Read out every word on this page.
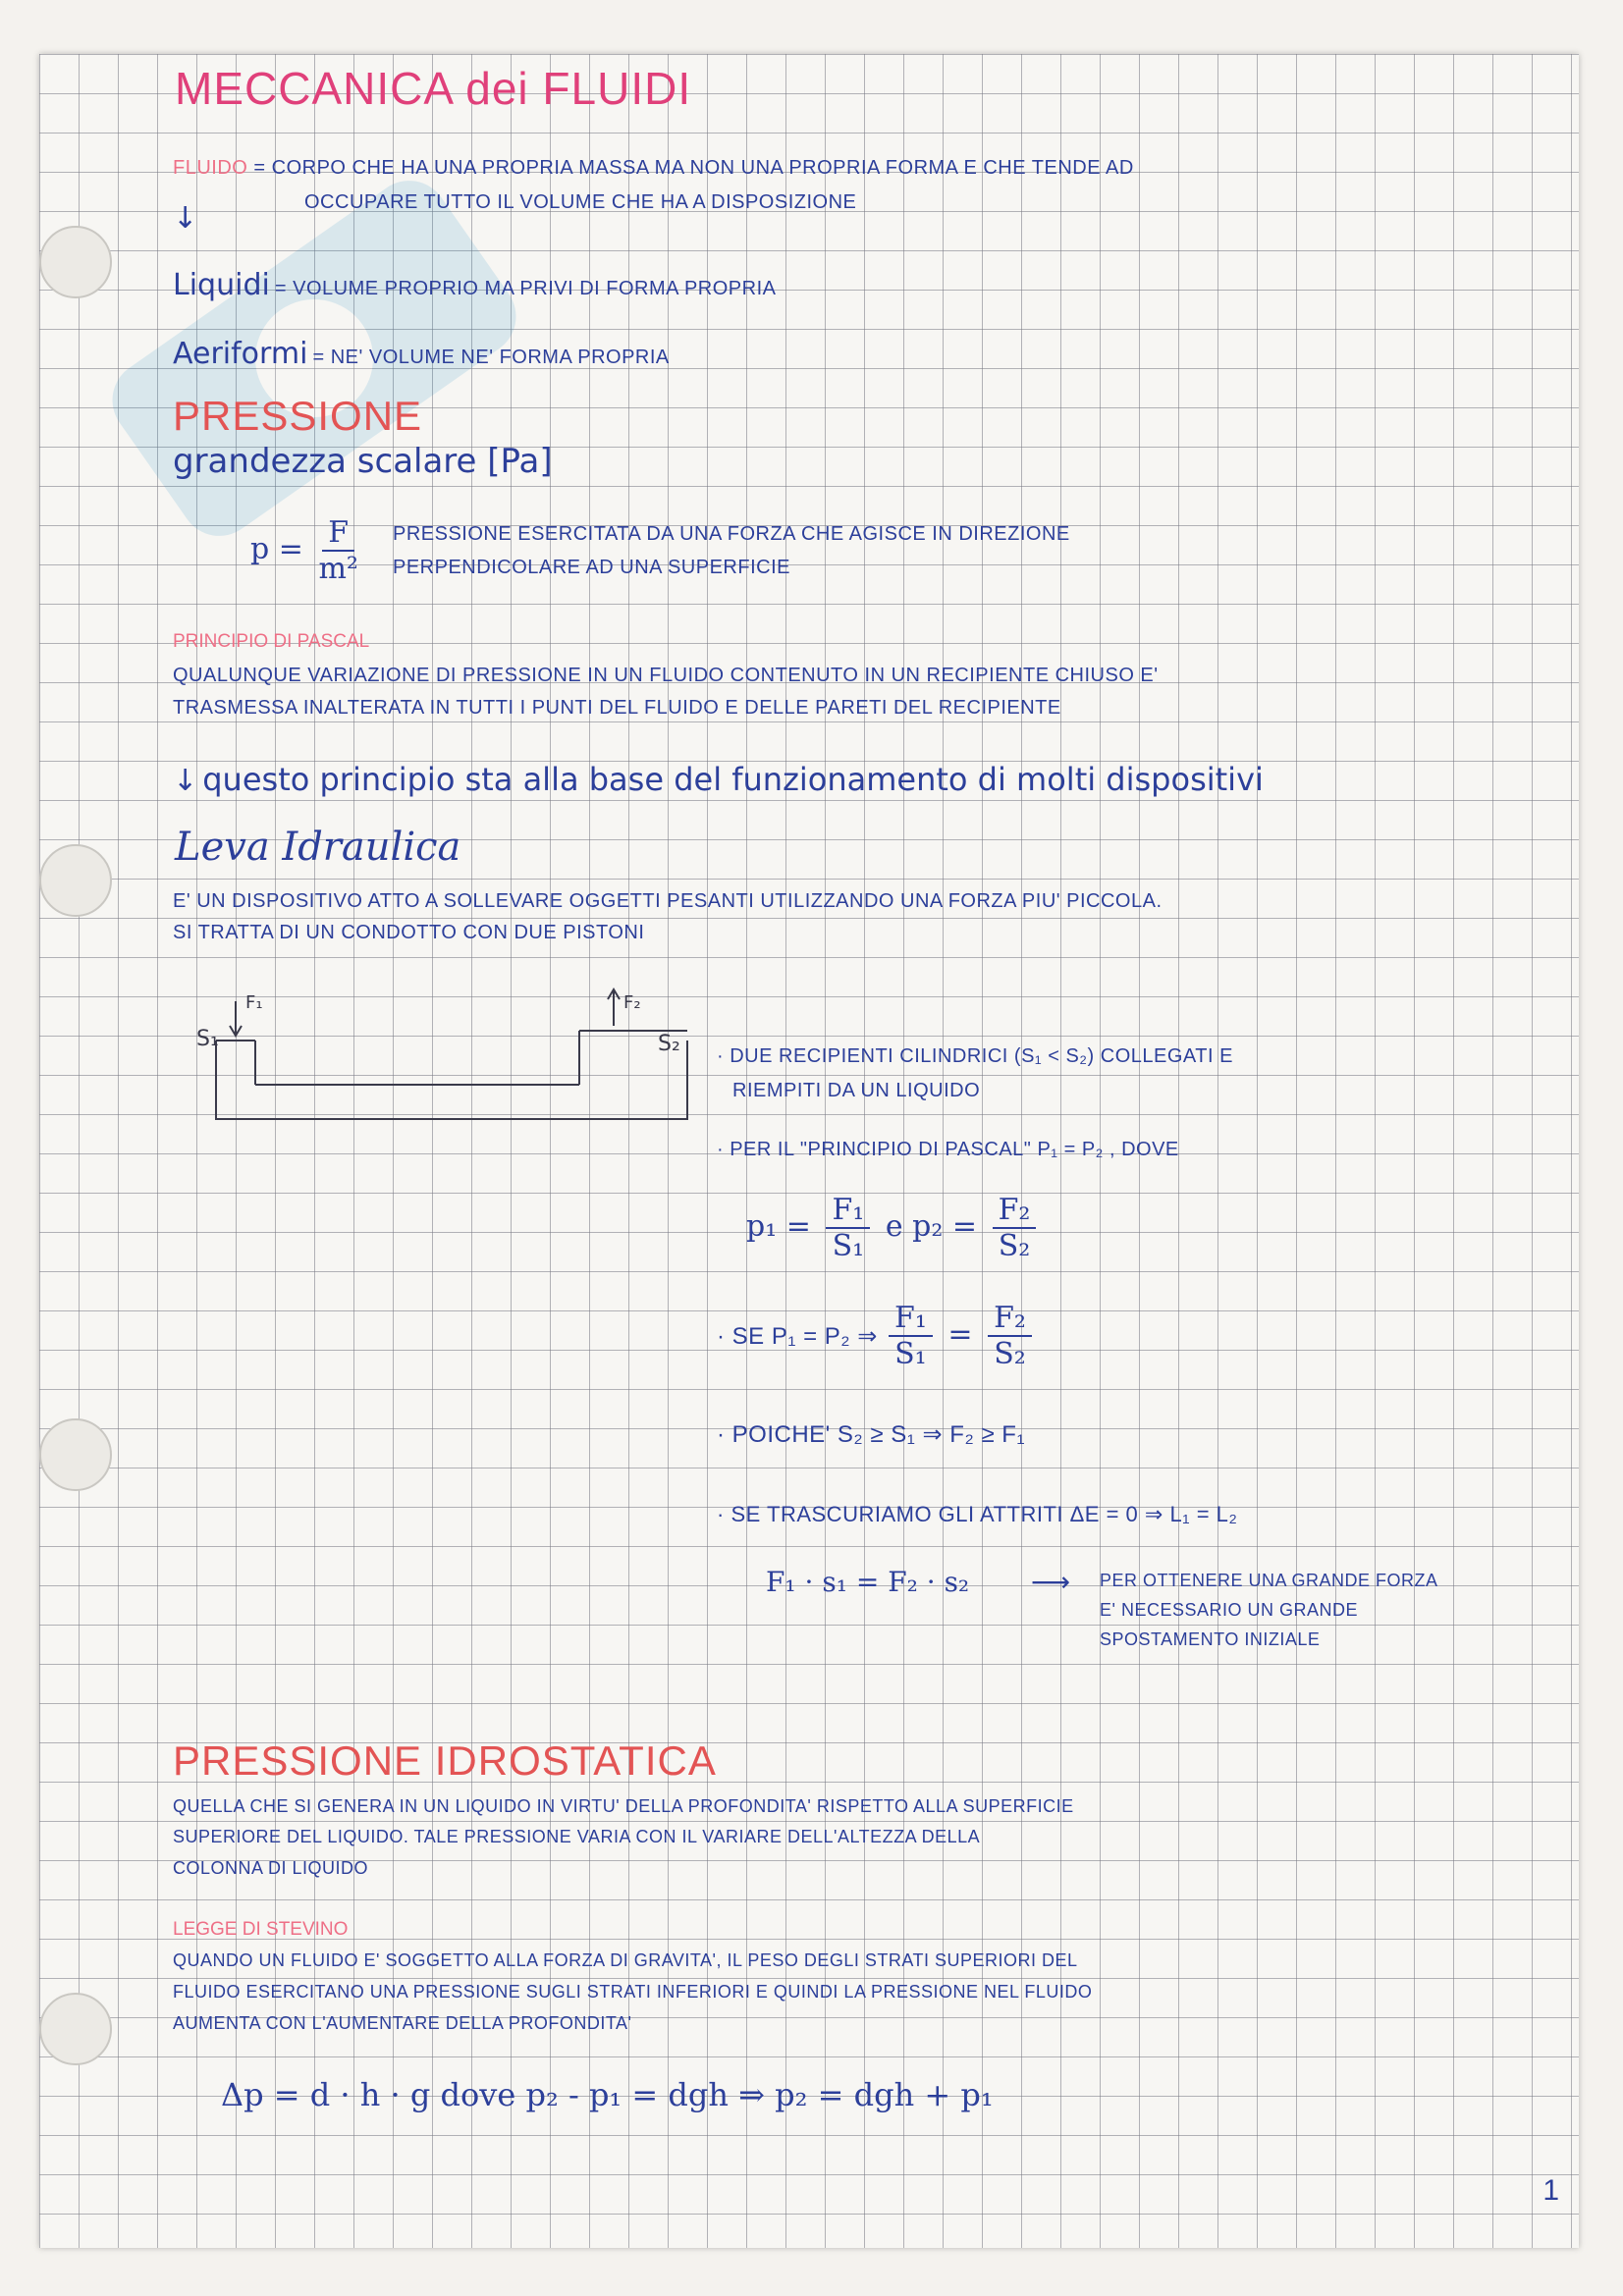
MECCANICA dei FLUIDI
FLUIDO = CORPO CHE HA UNA PROPRIA MASSA MA NON UNA PROPRIA FORMA E CHE TENDE AD
OCCUPARE TUTTO IL VOLUME CHE HA A DISPOSIZIONE
↓
Liquidi = VOLUME PROPRIO MA PRIVI DI FORMA PROPRIA
Aeriformi = NE' VOLUME NE' FORMA PROPRIA
PRESSIONE
grandezza scalare [Pa]
$p = \frac{F}{\text{m²}}$ PRESSIONE ESERCITATA DA UNA FORZA CHE AGISCE IN DIREZIONE
PERPENDICOLARE AD UNA SUPERFICIE
PRINCIPIO DI PASCAL
QUALUNQUE VARIAZIONE DI PRESSIONE IN UN FLUIDO CONTENUTO IN UN RECIPIENTE CHIUSO E'
TRASMESSA INALTERATA IN TUTTI I PUNTI DEL FLUIDO E DELLE PARETI DEL RECIPIENTE
↓ questo principio sta alla base del funzionamento di molti dispositivi
Leva Idraulica
E' UN DISPOSITIVO ATTO A SOLLEVARE OGGETTI PESANTI UTILIZZANDO UNA FORZA PIU' PICCOLA.
SI TRATTA DI UN CONDOTTO CON DUE PISTONI
F₁
S₁
F₂
S₂ · DUE RECIPIENTI CILINDRICI (S₁ < S₂) COLLEGATI E
RIEMPITI DA UN LIQUIDO
· PER IL "PRINCIPIO DI PASCAL" P₁ = P₂ , DOVE
$p_1 = \frac{\text{F₁}}{\text{S₁}}$ e $p_2 = \frac{\text{F₂}}{\text{S₂}}$
· SE P₁ = P₂ ⇒ $\frac{\text{F₁}}{\text{S₁}} = \frac{\text{F₂}}{\text{S₂}}$
· POICHE' S₂ ≥ S₁ ⇒ F₂ ≥ F₁
· SE TRASCURIAMO GLI ATTRITI ΔE = 0 ⇒ L₁ = L₂
F₁ · s₁ = F₂ · s₂ ⟶ PER OTTENERE UNA GRANDE FORZA
E' NECESSARIO UN GRANDE
SPOSTAMENTO INIZIALE
PRESSIONE IDROSTATICA
QUELLA CHE SI GENERA IN UN LIQUIDO IN VIRTU' DELLA PROFONDITA' RISPETTO ALLA SUPERFICIE
SUPERIORE DEL LIQUIDO. TALE PRESSIONE VARIA CON IL VARIARE DELL'ALTEZZA DELLA
COLONNA DI LIQUIDO
LEGGE DI STEVINO
QUANDO UN FLUIDO E' SOGGETTO ALLA FORZA DI GRAVITA', IL PESO DEGLI STRATI SUPERIORI DEL
FLUIDO ESERCITANO UNA PRESSIONE SUGLI STRATI INFERIORI E QUINDI LA PRESSIONE NEL FLUIDO
AUMENTA CON L'AUMENTARE DELLA PROFONDITA'
Δp = d · h · g dove p₂ - p₁ = dgh ⇒ p₂ = dgh + p₁
1
